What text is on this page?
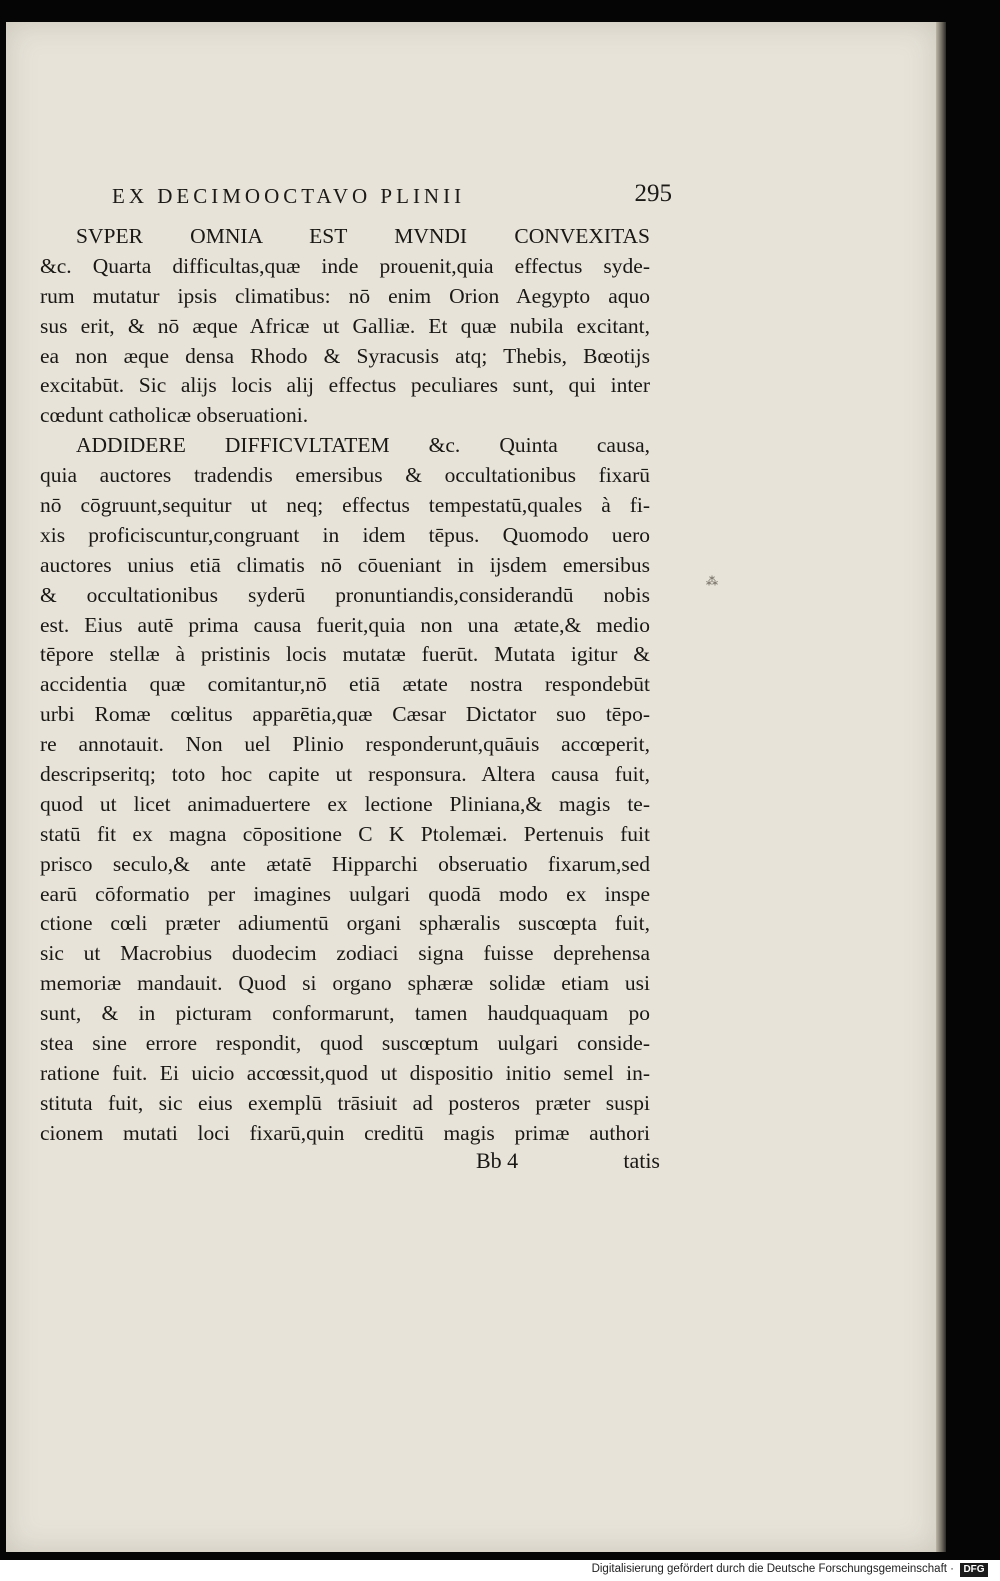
EX DECIMOOCTAVO PLINII	295
SVPER OMNIA EST MVNDI CONVEXITAS
&c. Quarta difficultas,quæ inde prouenit,quia effectus syde-
rum mutatur ipsis climatibus: nō enim Orion Aegypto aquo
sus erit, & nō æque Africæ ut Galliæ. Et quæ nubila excitant,
ea non æque densa Rhodo & Syracusis atq; Thebis, Bœotijs
excitabūt. Sic alijs locis alij effectus peculiares sunt, qui inter
cœdunt catholicæ obseruationi.
ADDIDERE DIFFICVLTATEM &c. Quinta causa,
quia auctores tradendis emersibus & occultationibus fixarū
nō cōgruunt,sequitur ut neq; effectus tempestatū,quales à fi-
xis proficiscuntur,congruant in idem tēpus. Quomodo uero
auctores unius etiā climatis nō cōueniant in ijsdem emersibus
& occultationibus syderū pronuntiandis,considerandū nobis
est. Eius autē prima causa fuerit,quia non una ætate,& medio
tēpore stellæ à pristinis locis mutatæ fuerūt. Mutata igitur &
accidentia quæ comitantur,nō etiā ætate nostra respondebūt
urbi Romæ cœlitus apparētia,quæ Cæsar Dictator suo tēpo-
re annotauit. Non uel Plinio responderunt,quāuis accœperit,
descripseritq; toto hoc capite ut responsura. Altera causa fuit,
quod ut licet animaduertere ex lectione Pliniana,& magis te-
statū fit ex magna cōpositione C K Ptolemæi. Pertenuis fuit
prisco seculo,& ante ætatē Hipparchi obseruatio fixarum,sed
earū cōformatio per imagines uulgari quodā modo ex inspe
ctione cœli præter adiumentū organi sphæralis suscœpta fuit,
sic ut Macrobius duodecim zodiaci signa fuisse deprehensa
memoriæ mandauit. Quod si organo sphæræ solidæ etiam usi
sunt, & in picturam conformarunt, tamen haudquaquam po
stea sine errore respondit, quod suscœptum uulgari conside-
ratione fuit. Ei uicio accœssit,quod ut dispositio initio semel in-
stituta fuit, sic eius exemplū trāsiuit ad posteros præter suspi
cionem mutati loci fixarū,quin creditū magis primæ authori
Bb 4	tatis
⁂
Digitalisierung gefördert durch die Deutsche Forschungsgemeinschaft · DFG
